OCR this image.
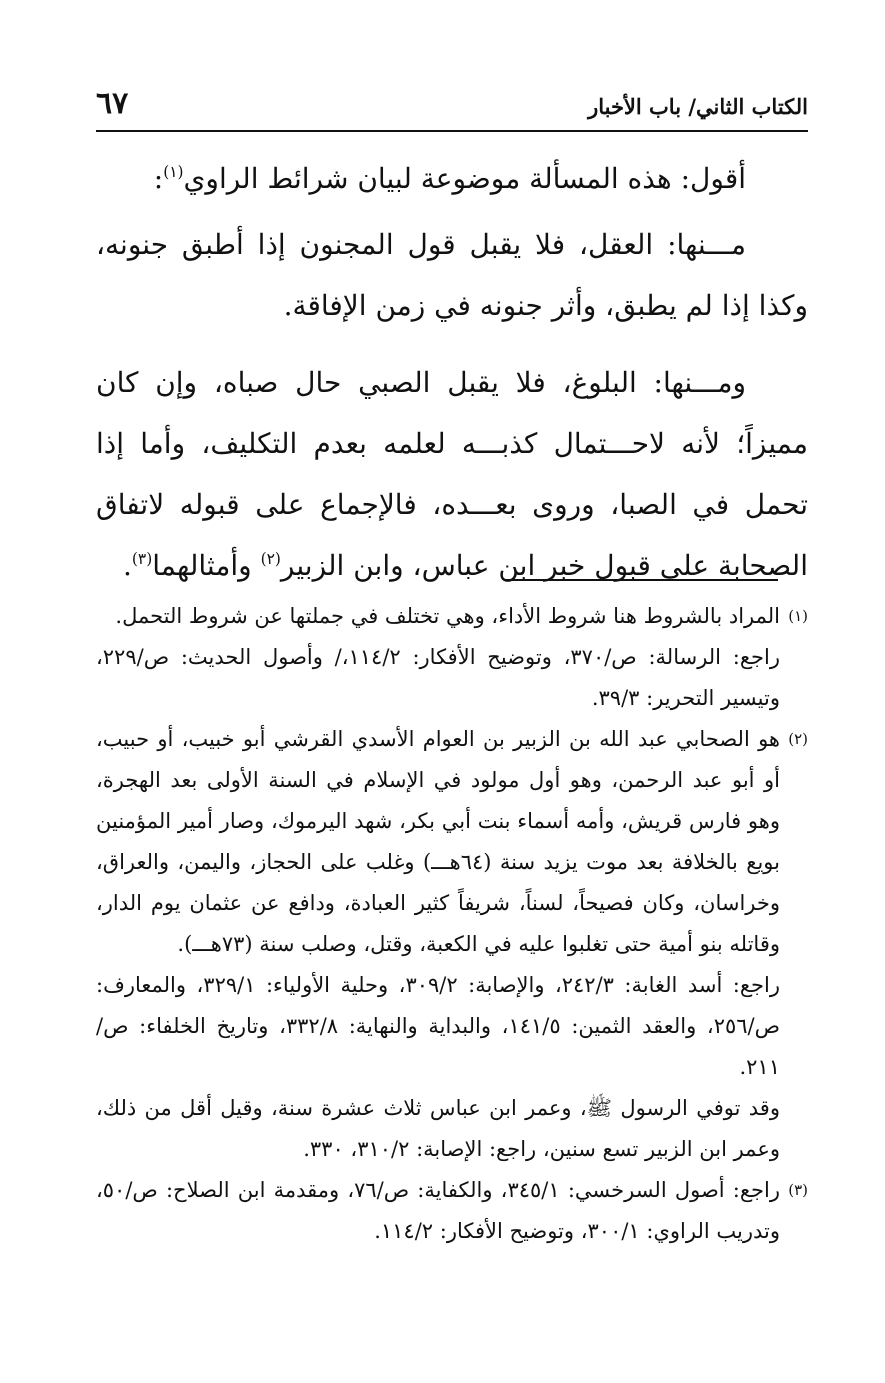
الكتاب الثاني/ باب الأخبار
٦٧

أقول: هذه المسألة موضوعة لبيان شرائط الراوي$^{(١)}$:

مـــنها: العقل، فلا يقبل قول المجنون إذا أطبق جنونه، وكذا إذا لم يطبق، وأثر جنونه في زمن الإفاقة.

ومـــنها: البلوغ، فلا يقبل الصبي حال صباه، وإن كان مميزاً؛ لأنه لاحـــتمال كذبـــه لعلمه بعدم التكليف، وأما إذا تحمل في الصبا، وروى بعـــده، فالإجماع على قبوله لاتفاق الصحابة على قبول خبر ابن عباس، وابن الزبير$^{(٢)}$ وأمثالهما$^{(٣)}$.

(١)

المراد بالشروط هنا شروط الأداء، وهي تختلف في جملتها عن شروط التحمل.

راجع: الرسالة: ص/٣٧٠، وتوضيح الأفكار: ١١٤/٢،/ وأصول الحديث: ص/٢٢٩، وتيسير التحرير: ٣٩/٣.

(٢)

هو الصحابي عبد الله بن الزبير بن العوام الأسدي القرشي أبو خبيب، أو حبيب، أو أبو عبد الرحمن، وهو أول مولود في الإسلام في السنة الأولى بعد الهجرة، وهو فارس قريش، وأمه أسماء بنت أبي بكر، شهد اليرموك، وصار أمير المؤمنين بويع بالخلافة بعد موت يزيد سنة (٦٤هـــ) وغلب على الحجاز، واليمن، والعراق، وخراسان، وكان فصيحاً، لسناً، شريفاً كثير العبادة، ودافع عن عثمان يوم الدار، وقاتله بنو أمية حتى تغلبوا عليه في الكعبة، وقتل، وصلب سنة (٧٣هـــ).

راجع: أسد الغابة: ٢٤٢/٣، والإصابة: ٣٠٩/٢، وحلية الأولياء: ٣٢٩/١، والمعارف: ص/٢٥٦، والعقد الثمين: ١٤١/٥، والبداية والنهاية: ٣٣٢/٨، وتاريخ الخلفاء: ص/٢١١.

وقد توفي الرسول ﷺ، وعمر ابن عباس ثلاث عشرة سنة، وقيل أقل من ذلك، وعمر ابن الزبير تسع سنين، راجع: الإصابة: ٣١٠/٢، ٣٣٠.

(٣)

راجع: أصول السرخسي: ٣٤٥/١، والكفاية: ص/٧٦، ومقدمة ابن الصلاح: ص/٥٠، وتدريب الراوي: ٣٠٠/١، وتوضيح الأفكار: ١١٤/٢.
